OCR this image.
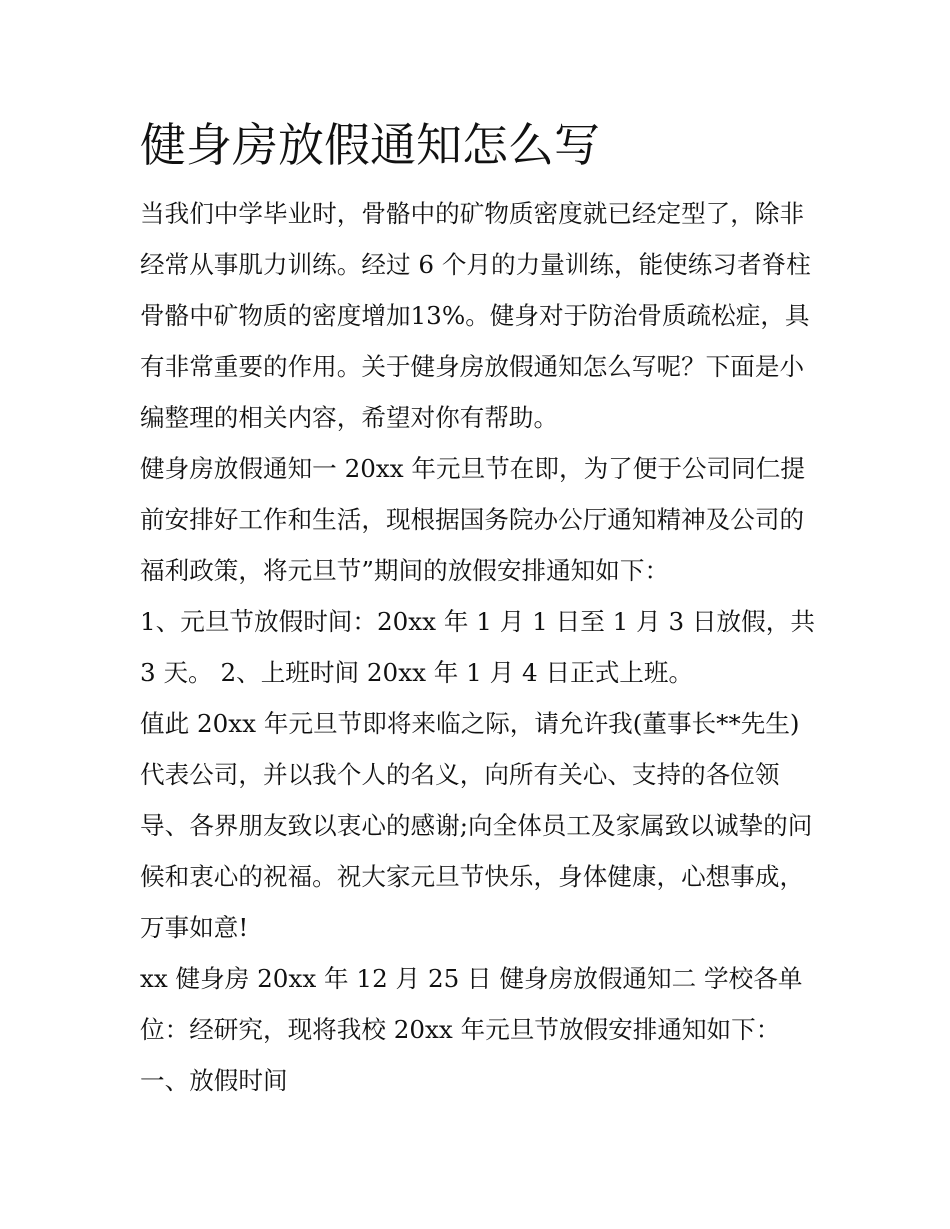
健身房放假通知怎么写

当我们中学毕业时，骨骼中的矿物质密度就已经定型了，除非经常从事肌力训练。经过 6 个月的力量训练，能使练习者脊柱骨骼中矿物质的密度增加13%。健身对于防治骨质疏松症，具有非常重要的作用。关于健身房放假通知怎么写呢？下面是小编整理的相关内容，希望对你有帮助。

健身房放假通知一 20xx 年元旦节在即，为了便于公司同仁提前安排好工作和生活，现根据国务院办公厅通知精神及公司的福利政策，将元旦节”期间的放假安排通知如下：

1、元旦节放假时间：20xx 年 1 月 1 日至 1 月 3 日放假，共 3 天。 2、上班时间 20xx 年 1 月 4 日正式上班。

值此 20xx 年元旦节即将来临之际，请允许我(董事长**先生)代表公司，并以我个人的名义，向所有关心、支持的各位领导、各界朋友致以衷心的感谢;向全体员工及家属致以诚挚的问候和衷心的祝福。祝大家元旦节快乐，身体健康，心想事成，万事如意!

xx 健身房 20xx 年 12 月 25 日 健身房放假通知二 学校各单位：经研究，现将我校 20xx 年元旦节放假安排通知如下： 一、放假时间
